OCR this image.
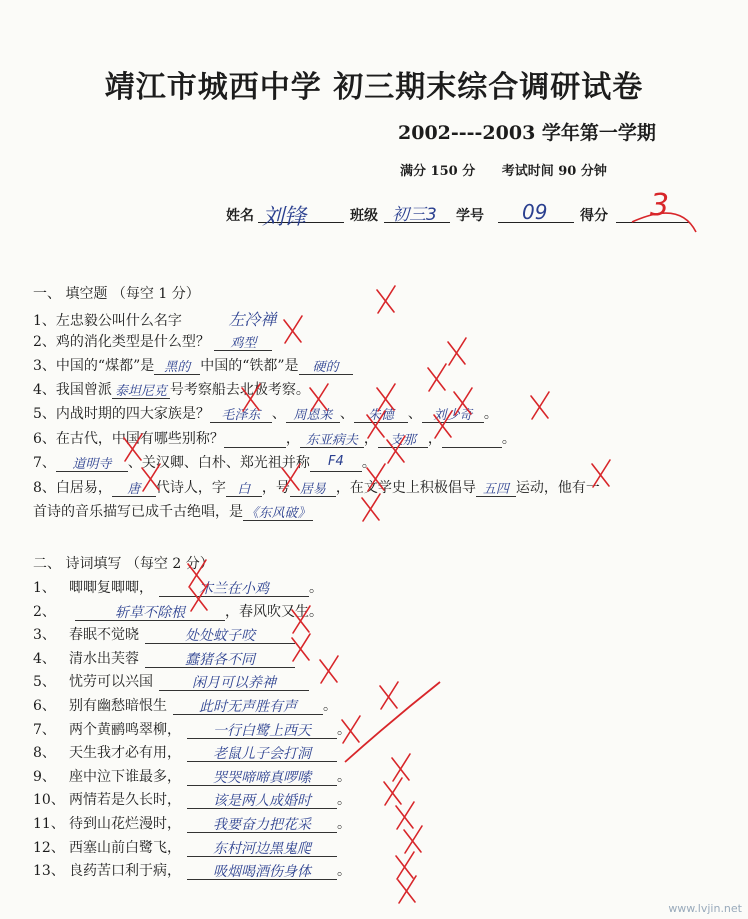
靖江市城西中学 初三期末综合调研试卷
2002----2003 学年第一学期
满分 150 分 考试时间 90 分钟
姓名 刘锋	班级 初三3	学号	09	得分	3
一、 填空题 （每空 1 分）
1、左忠毅公叫什么名字	左冷禅
2、鸡的消化类型是什么型？ 鸡型
3、中国的“煤都”是 黑的 中国的“铁都”是 硬的
4、我国曾派 泰坦尼克 号考察船去北极考察。
5、内战时期的四大家族是？ 毛泽东 、 周恩来 、 朱德 、 刘少奇 。
6、在古代，中国有哪些别称？	， 东亚病夫 ， 支那 ，	。
7、 道明寺 、关汉卿、白朴、郑光祖并称 F4 。
8、白居易， 唐 代诗人，字 白 ，号 居易 ，在文学史上积极倡导 五四 运动，他有一
首诗的音乐描写已成千古绝唱，是 《东风破》
二、 诗词填写 （每空 2 分）
1、 唧唧复唧唧，	木兰在小鸡	。
2、	斩草不除根	，春风吹又生。
3、 春眠不觉晓	处处蚊子咬
4、 清水出芙蓉	蠢猪各不同
5、 忧劳可以兴国	闲月可以养神
6、 别有幽愁暗恨生 此时无声胜有声 。
7、 两个黄鹂鸣翠柳， 一行白鹭上西天 。
8、 天生我才必有用， 老鼠儿子会打洞
9、 座中泣下谁最多， 哭哭啼啼真啰嗦 。
10、 两情若是久长时， 该是两人成婚时 。
11、 待到山花烂漫时， 我要奋力把花采 。
12、 西塞山前白鹭飞， 东村河边黑鬼爬
13、 良药苦口利于病， 吸烟喝酒伤身体 。
www.lvjin.net
